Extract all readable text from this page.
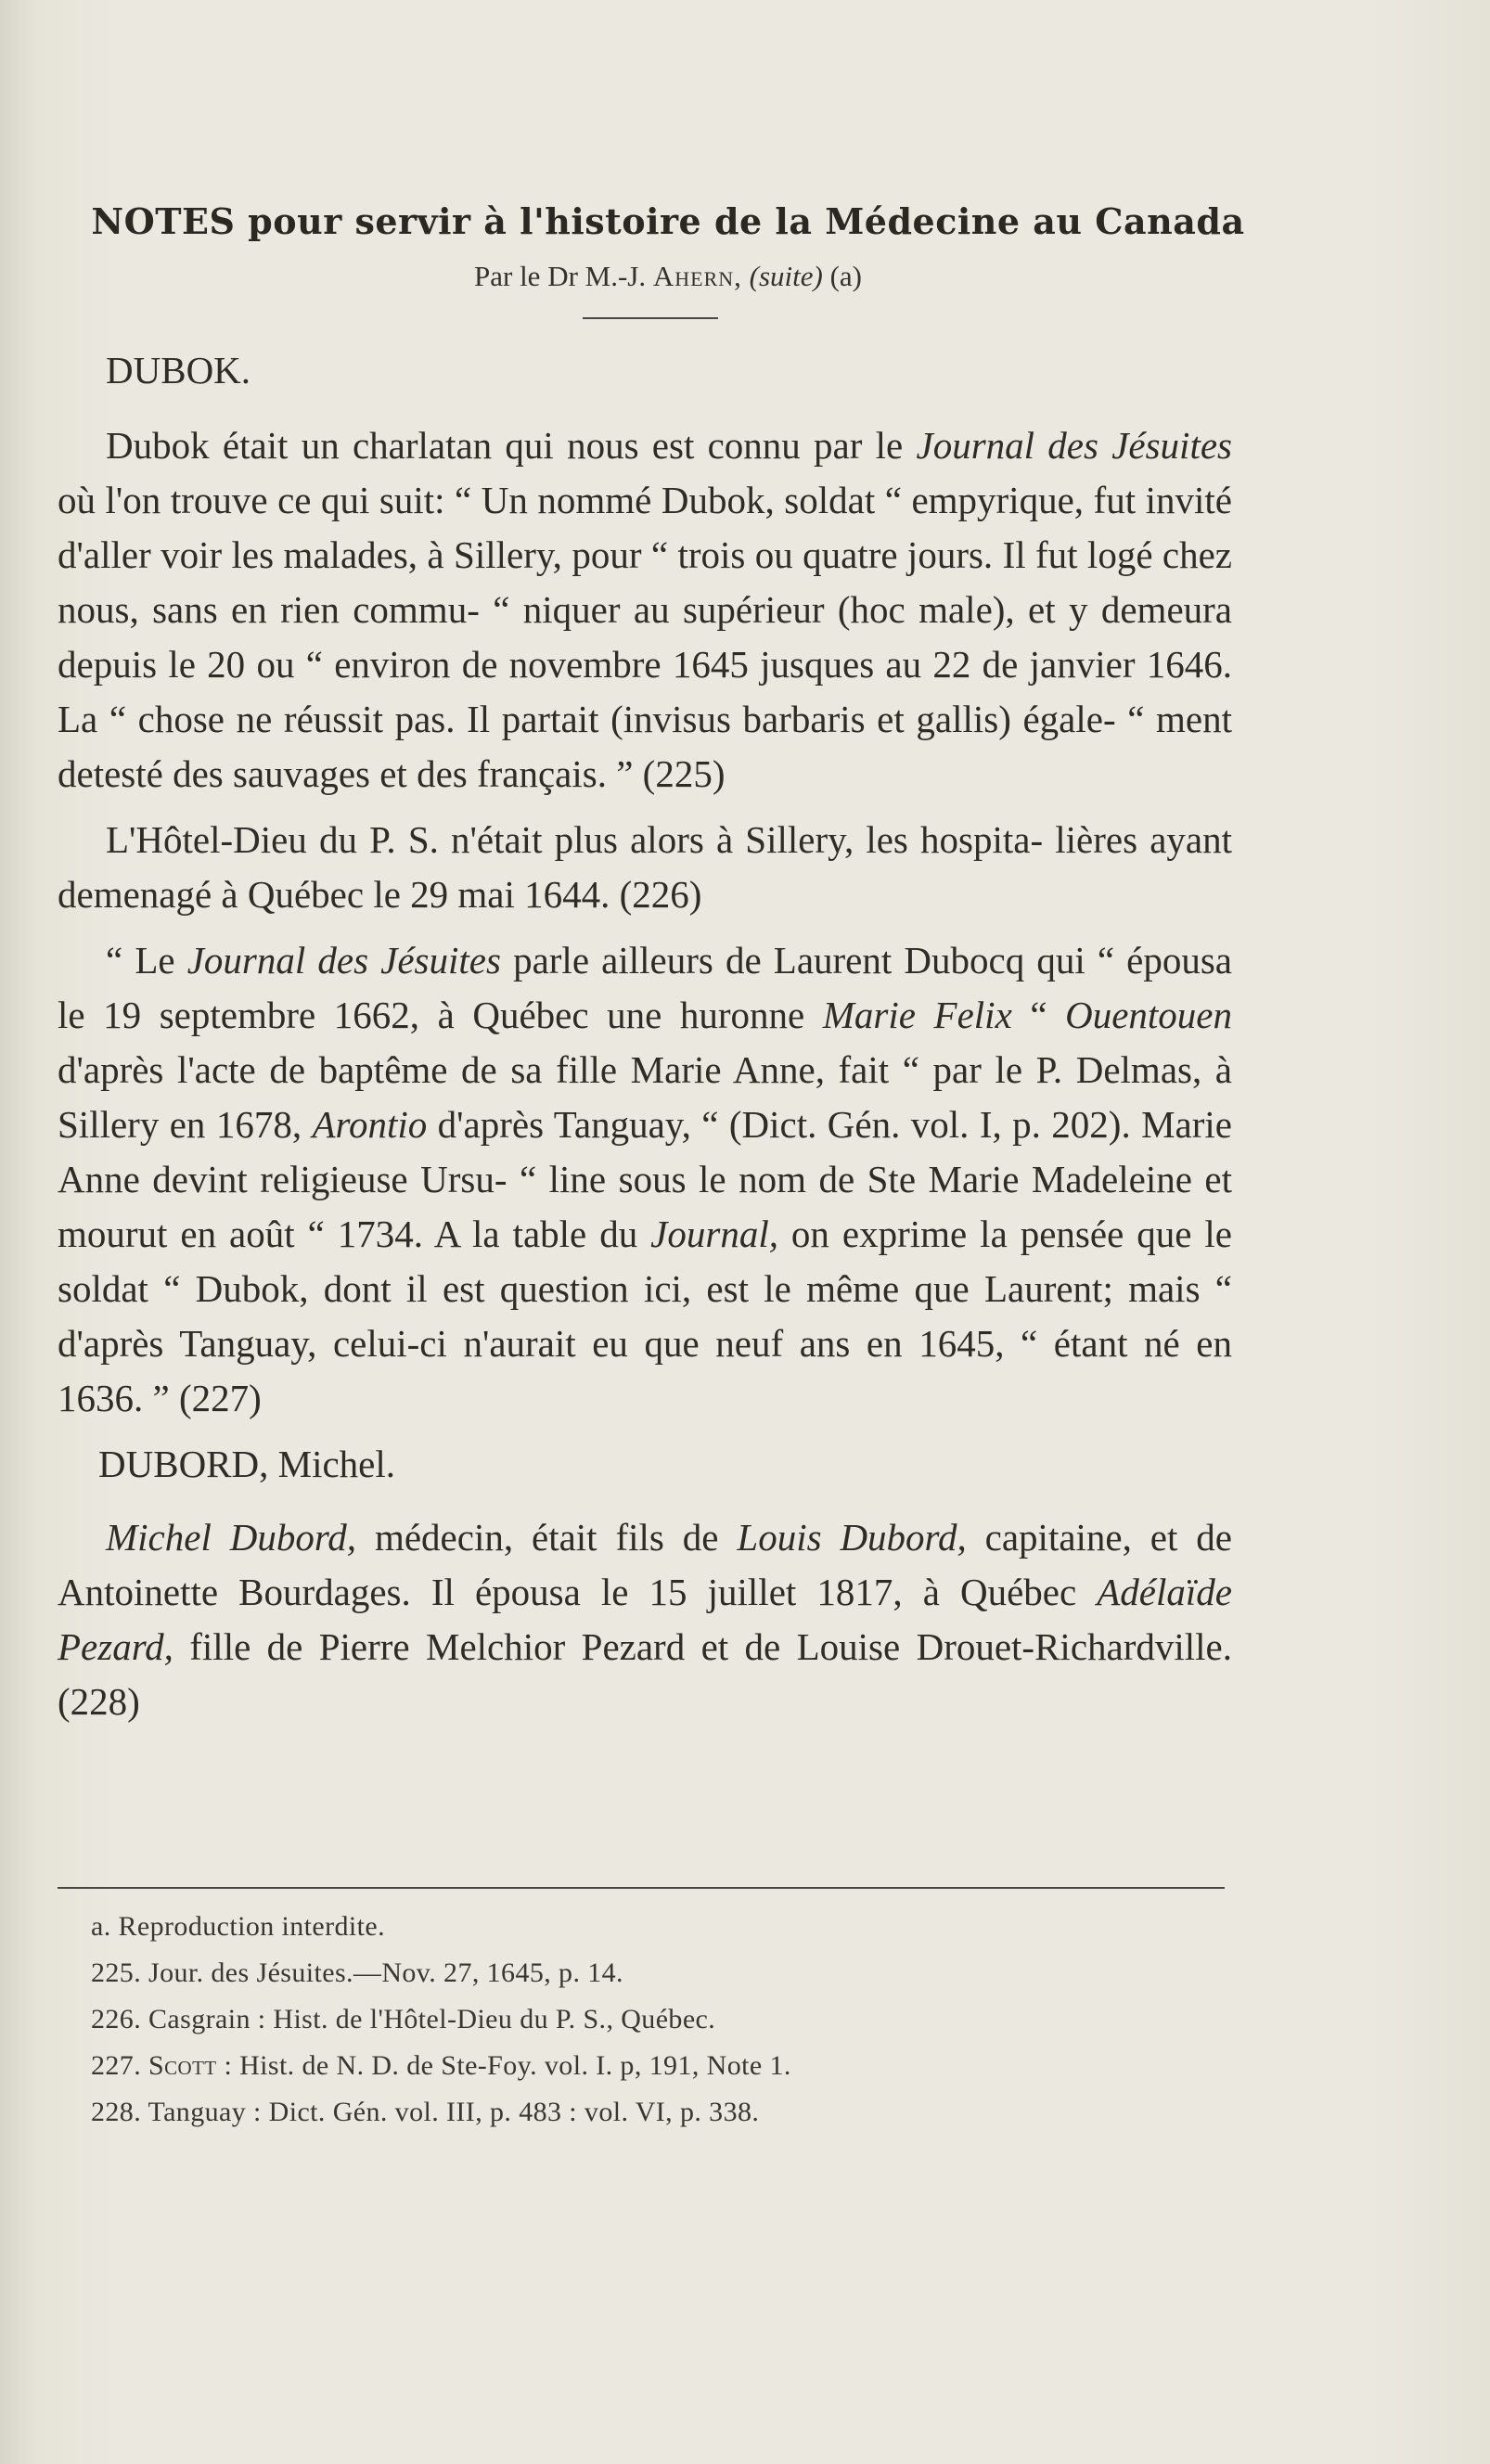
NOTES pour servir à l'histoire de la Médecine au Canada
Par le Dr M.-J. Ahern, (suite) (a)

DUBOK.

Dubok était un charlatan qui nous est connu par le Journal des Jésuites où l'on trouve ce qui suit: “ Un nommé Dubok, soldat “ empyrique, fut invité d'aller voir les malades, à Sillery, pour “ trois ou quatre jours. Il fut logé chez nous, sans en rien commu- “ niquer au supérieur (hoc male), et y demeura depuis le 20 ou “ environ de novembre 1645 jusques au 22 de janvier 1646. La “ chose ne réussit pas. Il partait (invisus barbaris et gallis) égale- “ ment detesté des sauvages et des français. ” (225)

L'Hôtel-Dieu du P. S. n'était plus alors à Sillery, les hospita- lières ayant demenagé à Québec le 29 mai 1644. (226)

“ Le Journal des Jésuites parle ailleurs de Laurent Dubocq qui “ épousa le 19 septembre 1662, à Québec une huronne Marie Felix “ Ouentouen d'après l'acte de baptême de sa fille Marie Anne, fait “ par le P. Delmas, à Sillery en 1678, Arontio d'après Tanguay, “ (Dict. Gén. vol. I, p. 202). Marie Anne devint religieuse Ursu- “ line sous le nom de Ste Marie Madeleine et mourut en août “ 1734. A la table du Journal, on exprime la pensée que le soldat “ Dubok, dont il est question ici, est le même que Laurent; mais “ d'après Tanguay, celui-ci n'aurait eu que neuf ans en 1645, “ étant né en 1636. ” (227)

DUBORD, Michel.

Michel Dubord, médecin, était fils de Louis Dubord, capitaine, et de Antoinette Bourdages. Il épousa le 15 juillet 1817, à Québec Adélaïde Pezard, fille de Pierre Melchior Pezard et de Louise Drouet-Richardville. (228)

a. Reproduction interdite.
225. Jour. des Jésuites.—Nov. 27, 1645, p. 14.
226. Casgrain : Hist. de l'Hôtel-Dieu du P. S., Québec.
227. Scott : Hist. de N. D. de Ste-Foy. vol. I. p, 191, Note 1.
228. Tanguay : Dict. Gén. vol. III, p. 483 : vol. VI, p. 338.
